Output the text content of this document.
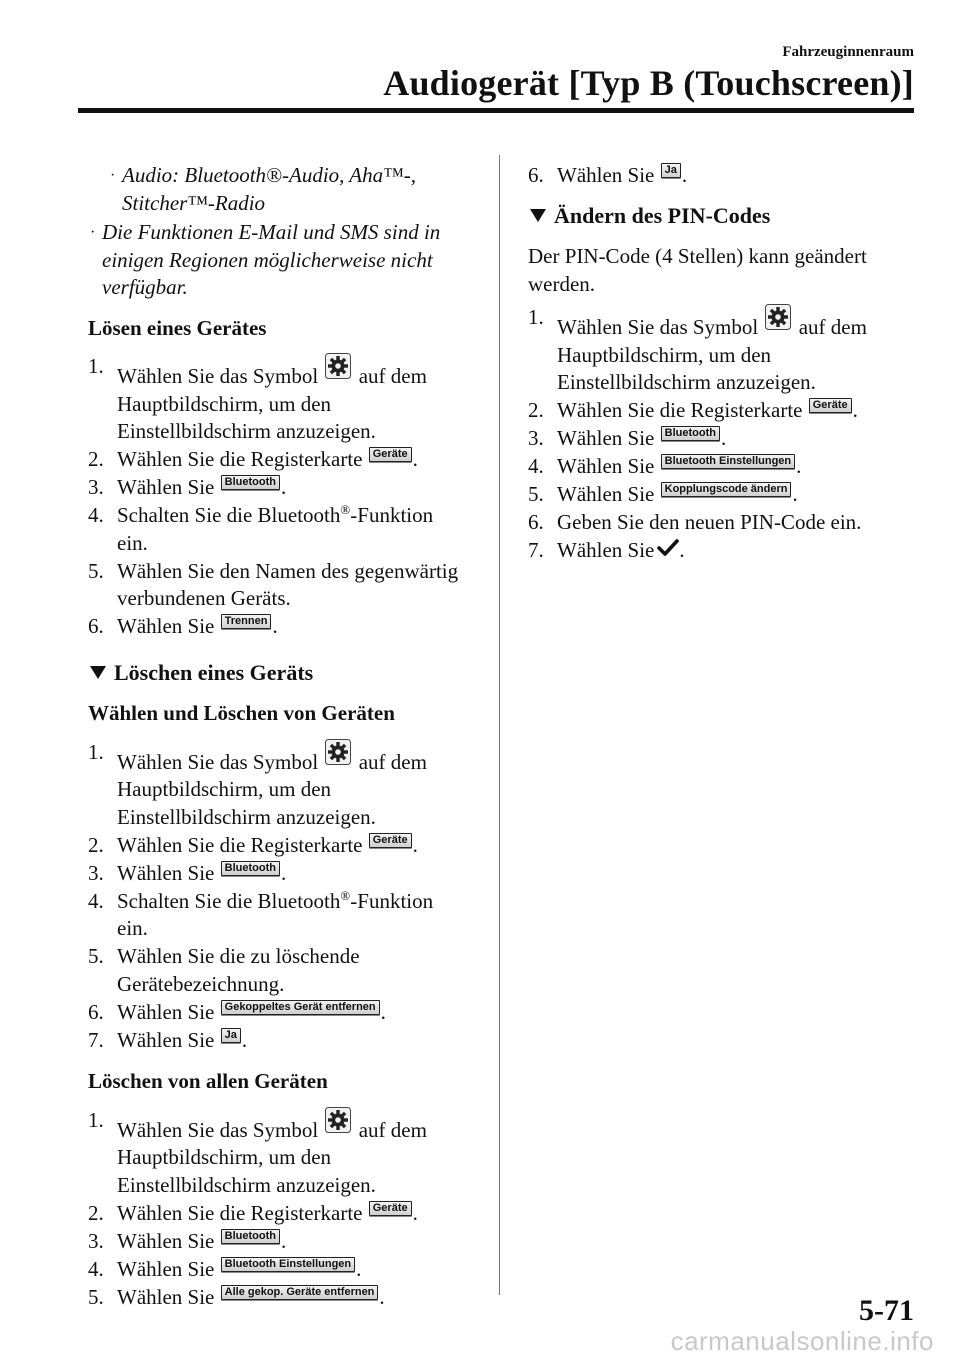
Fahrzeuginnenraum
Audiogerät [Typ B (Touchscreen)]
· Audio: Bluetooth®-Audio, Aha™-, Stitcher™-Radio
· Die Funktionen E-Mail und SMS sind in einigen Regionen möglicherweise nicht verfügbar.
Lösen eines Gerätes
1. Wählen Sie das Symbol auf dem Hauptbildschirm, um den Einstellbildschirm anzuzeigen.
2. Wählen Sie die Registerkarte Geräte .
3. Wählen Sie Bluetooth .
4. Schalten Sie die Bluetooth®-Funktion ein.
5. Wählen Sie den Namen des gegenwärtig verbundenen Geräts.
6. Wählen Sie Trennen .
Löschen eines Geräts
Wählen und Löschen von Geräten
1. Wählen Sie das Symbol auf dem Hauptbildschirm, um den Einstellbildschirm anzuzeigen.
2. Wählen Sie die Registerkarte Geräte .
3. Wählen Sie Bluetooth .
4. Schalten Sie die Bluetooth®-Funktion ein.
5. Wählen Sie die zu löschende Gerätebezeichnung.
6. Wählen Sie Gekoppeltes Gerät entfernen .
7. Wählen Sie Ja .
Löschen von allen Geräten
1. Wählen Sie das Symbol auf dem Hauptbildschirm, um den Einstellbildschirm anzuzeigen.
2. Wählen Sie die Registerkarte Geräte .
3. Wählen Sie Bluetooth .
4. Wählen Sie Bluetooth Einstellungen .
5. Wählen Sie Alle gekop. Geräte entfernen .
6. Wählen Sie Ja .
Ändern des PIN-Codes
Der PIN-Code (4 Stellen) kann geändert werden.
1. Wählen Sie das Symbol auf dem Hauptbildschirm, um den Einstellbildschirm anzuzeigen.
2. Wählen Sie die Registerkarte Geräte .
3. Wählen Sie Bluetooth .
4. Wählen Sie Bluetooth Einstellungen .
5. Wählen Sie Kopplungscode ändern .
6. Geben Sie den neuen PIN-Code ein.
7. Wählen Sie .
5-71
carmanualsonline.info
